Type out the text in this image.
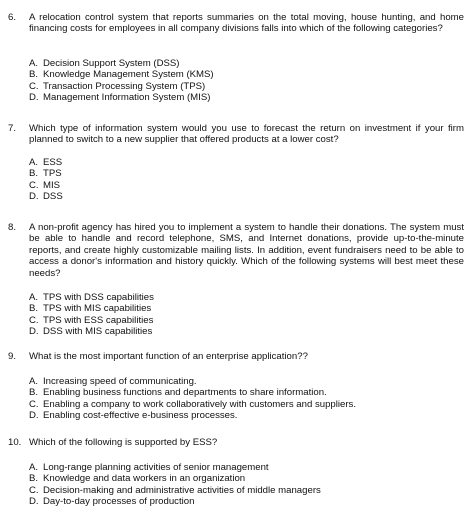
6. A relocation control system that reports summaries on the total moving, house hunting, and home financing costs for employees in all company divisions falls into which of the following categories?
A. Decision Support System (DSS)
B. Knowledge Management System (KMS)
C. Transaction Processing System (TPS)
D. Management Information System (MIS)
7. Which type of information system would you use to forecast the return on investment if your firm planned to switch to a new supplier that offered products at a lower cost?
A. ESS
B. TPS
C. MIS
D. DSS
8. A non-profit agency has hired you to implement a system to handle their donations. The system must be able to handle and record telephone, SMS, and Internet donations, provide up-to-the-minute reports, and create highly customizable mailing lists. In addition, event fundraisers need to be able to access a donor's information and history quickly. Which of the following systems will best meet these needs?
A. TPS with DSS capabilities
B. TPS with MIS capabilities
C. TPS with ESS capabilities
D. DSS with MIS capabilities
9. What is the most important function of an enterprise application??
A. Increasing speed of communicating.
B. Enabling business functions and departments to share information.
C. Enabling a company to work collaboratively with customers and suppliers.
D. Enabling cost-effective e-business processes.
10. Which of the following is supported by ESS?
A. Long-range planning activities of senior management
B. Knowledge and data workers in an organization
C. Decision-making and administrative activities of middle managers
D. Day-to-day processes of production
